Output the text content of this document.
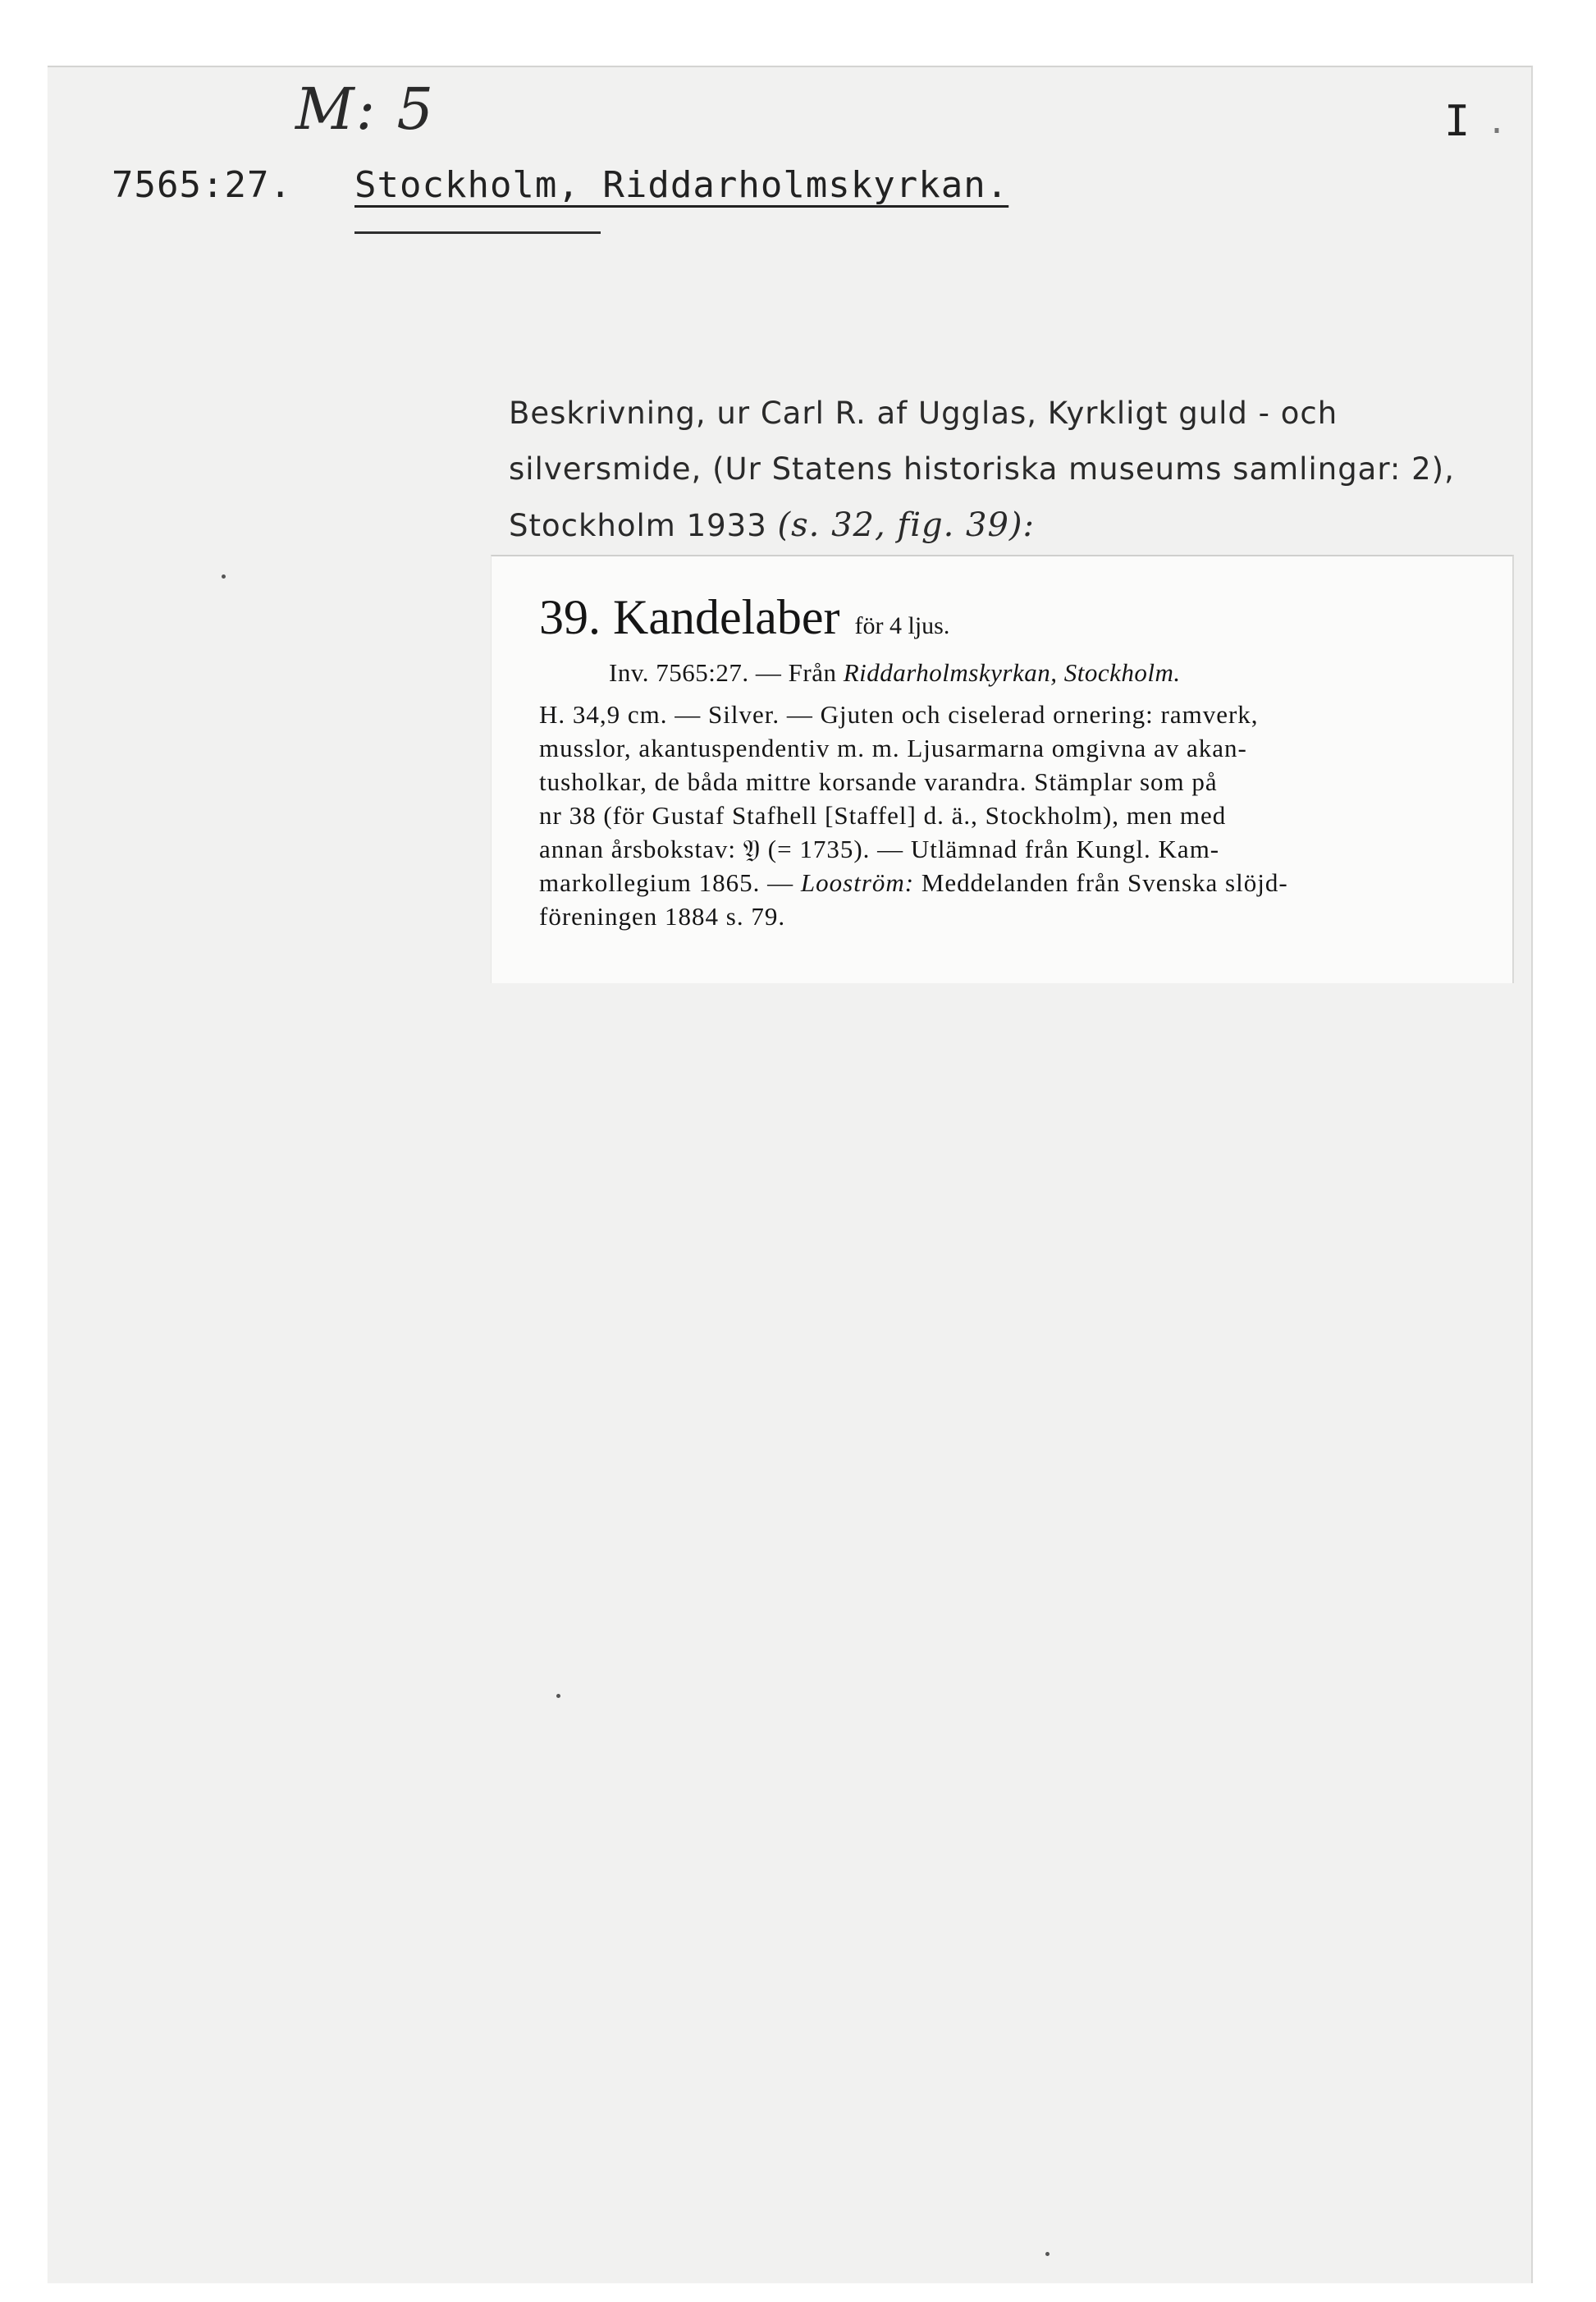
M: 5	I .
7565:27. Stockholm, Riddarholmskyrkan.
Beskrivning, ur Carl R. af Ugglas, Kyrkligt guld - och
silversmide, (Ur Statens historiska museums samlingar: 2),
Stockholm 1933 (s. 32, fig. 39):
39. Kandelaber för 4 ljus.
Inv. 7565:27. — Från Riddarholmskyrkan, Stockholm.
H. 34,9 cm. — Silver. — Gjuten och ciselerad ornering: ramverk,
musslor, akantuspendentiv m. m. Ljusarmarna omgivna av akan-
tusholkar, de båda mittre korsande varandra. Stämplar som på
nr 38 (för Gustaf Stafhell [Staffel] d. ä., Stockholm), men med
annan årsbokstav: 𝔜 (= 1735). — Utlämnad från Kungl. Kam-
markollegium 1865. — Looström: Meddelanden från Svenska slöjd-
föreningen 1884 s. 79.
